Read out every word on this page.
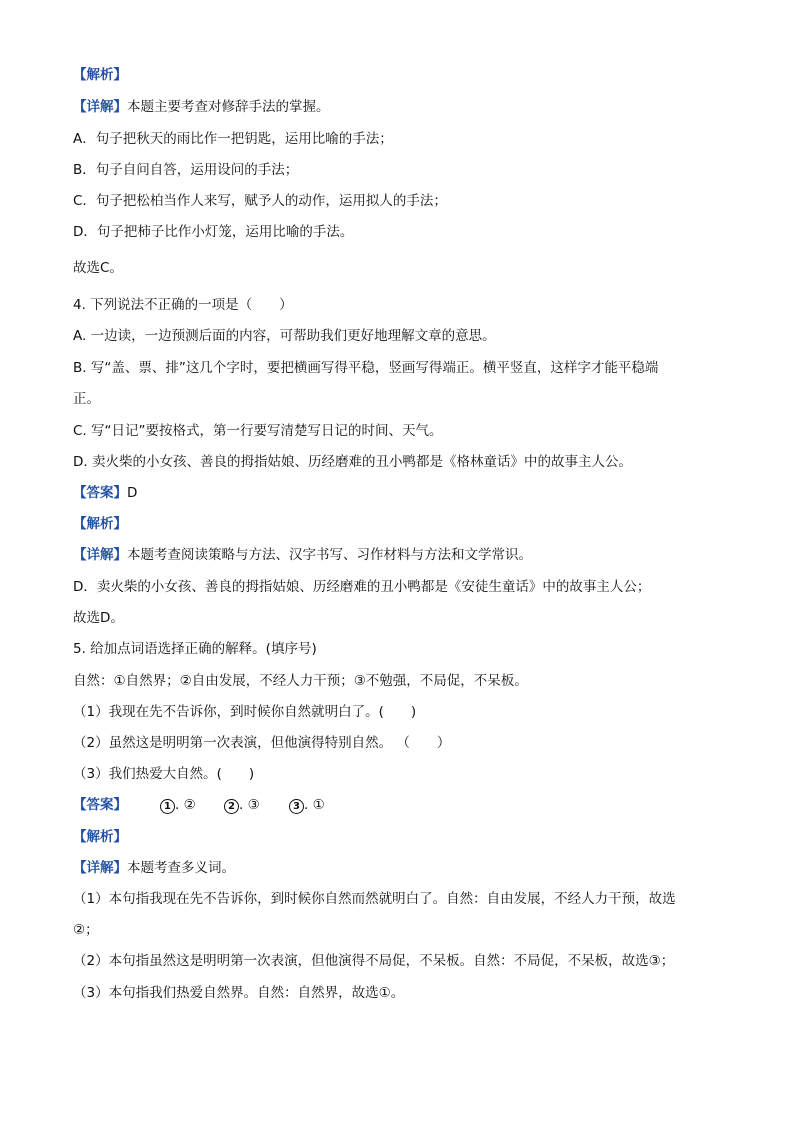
【解析】
【详解】本题主要考查对修辞手法的掌握。
A．句子把秋天的雨比作一把钥匙，运用比喻的手法；
B．句子自问自答，运用设问的手法；
C．句子把松柏当作人来写，赋予人的动作，运用拟人的手法；
D．句子把柿子比作小灯笼，运用比喻的手法。
故选C。
4. 下列说法不正确的一项是（　　）
A. 一边读，一边预测后面的内容，可帮助我们更好地理解文章的意思。
B. 写“盖、票、排”这几个字时，要把横画写得平稳，竖画写得端正。横平竖直，这样字才能平稳端
正。
C. 写“日记”要按格式，第一行要写清楚写日记的时间、天气。
D. 卖火柴的小女孩、善良的拇指姑娘、历经磨难的丑小鸭都是《格林童话》中的故事主人公。
【答案】D
【解析】
【详解】本题考查阅读策略与方法、汉字书写、习作材料与方法和文学常识。
D．卖火柴的小女孩、善良的拇指姑娘、历经磨难的丑小鸭都是《安徒生童话》中的故事主人公；
故选D。
5. 给加点词语选择正确的解释。(填序号)
自然：①自然界；②自由发展，不经人力干预；③不勉强，不局促，不呆板。
（1）我现在先不告诉你，到时候你自然就明白了。(　　)
（2）虽然这是明明第一次表演，但他演得特别自然。 （　　）
（3）我们热爱大自然。(　　)
【答案】	1 . ②	2 . ③	3 . ①
【解析】
【详解】本题考查多义词。
（1）本句指我现在先不告诉你，到时候你自然而然就明白了。自然：自由发展，不经人力干预，故选
②；
（2）本句指虽然这是明明第一次表演，但他演得不局促，不呆板。自然：不局促，不呆板，故选③；
（3）本句指我们热爱自然界。自然：自然界，故选①。
